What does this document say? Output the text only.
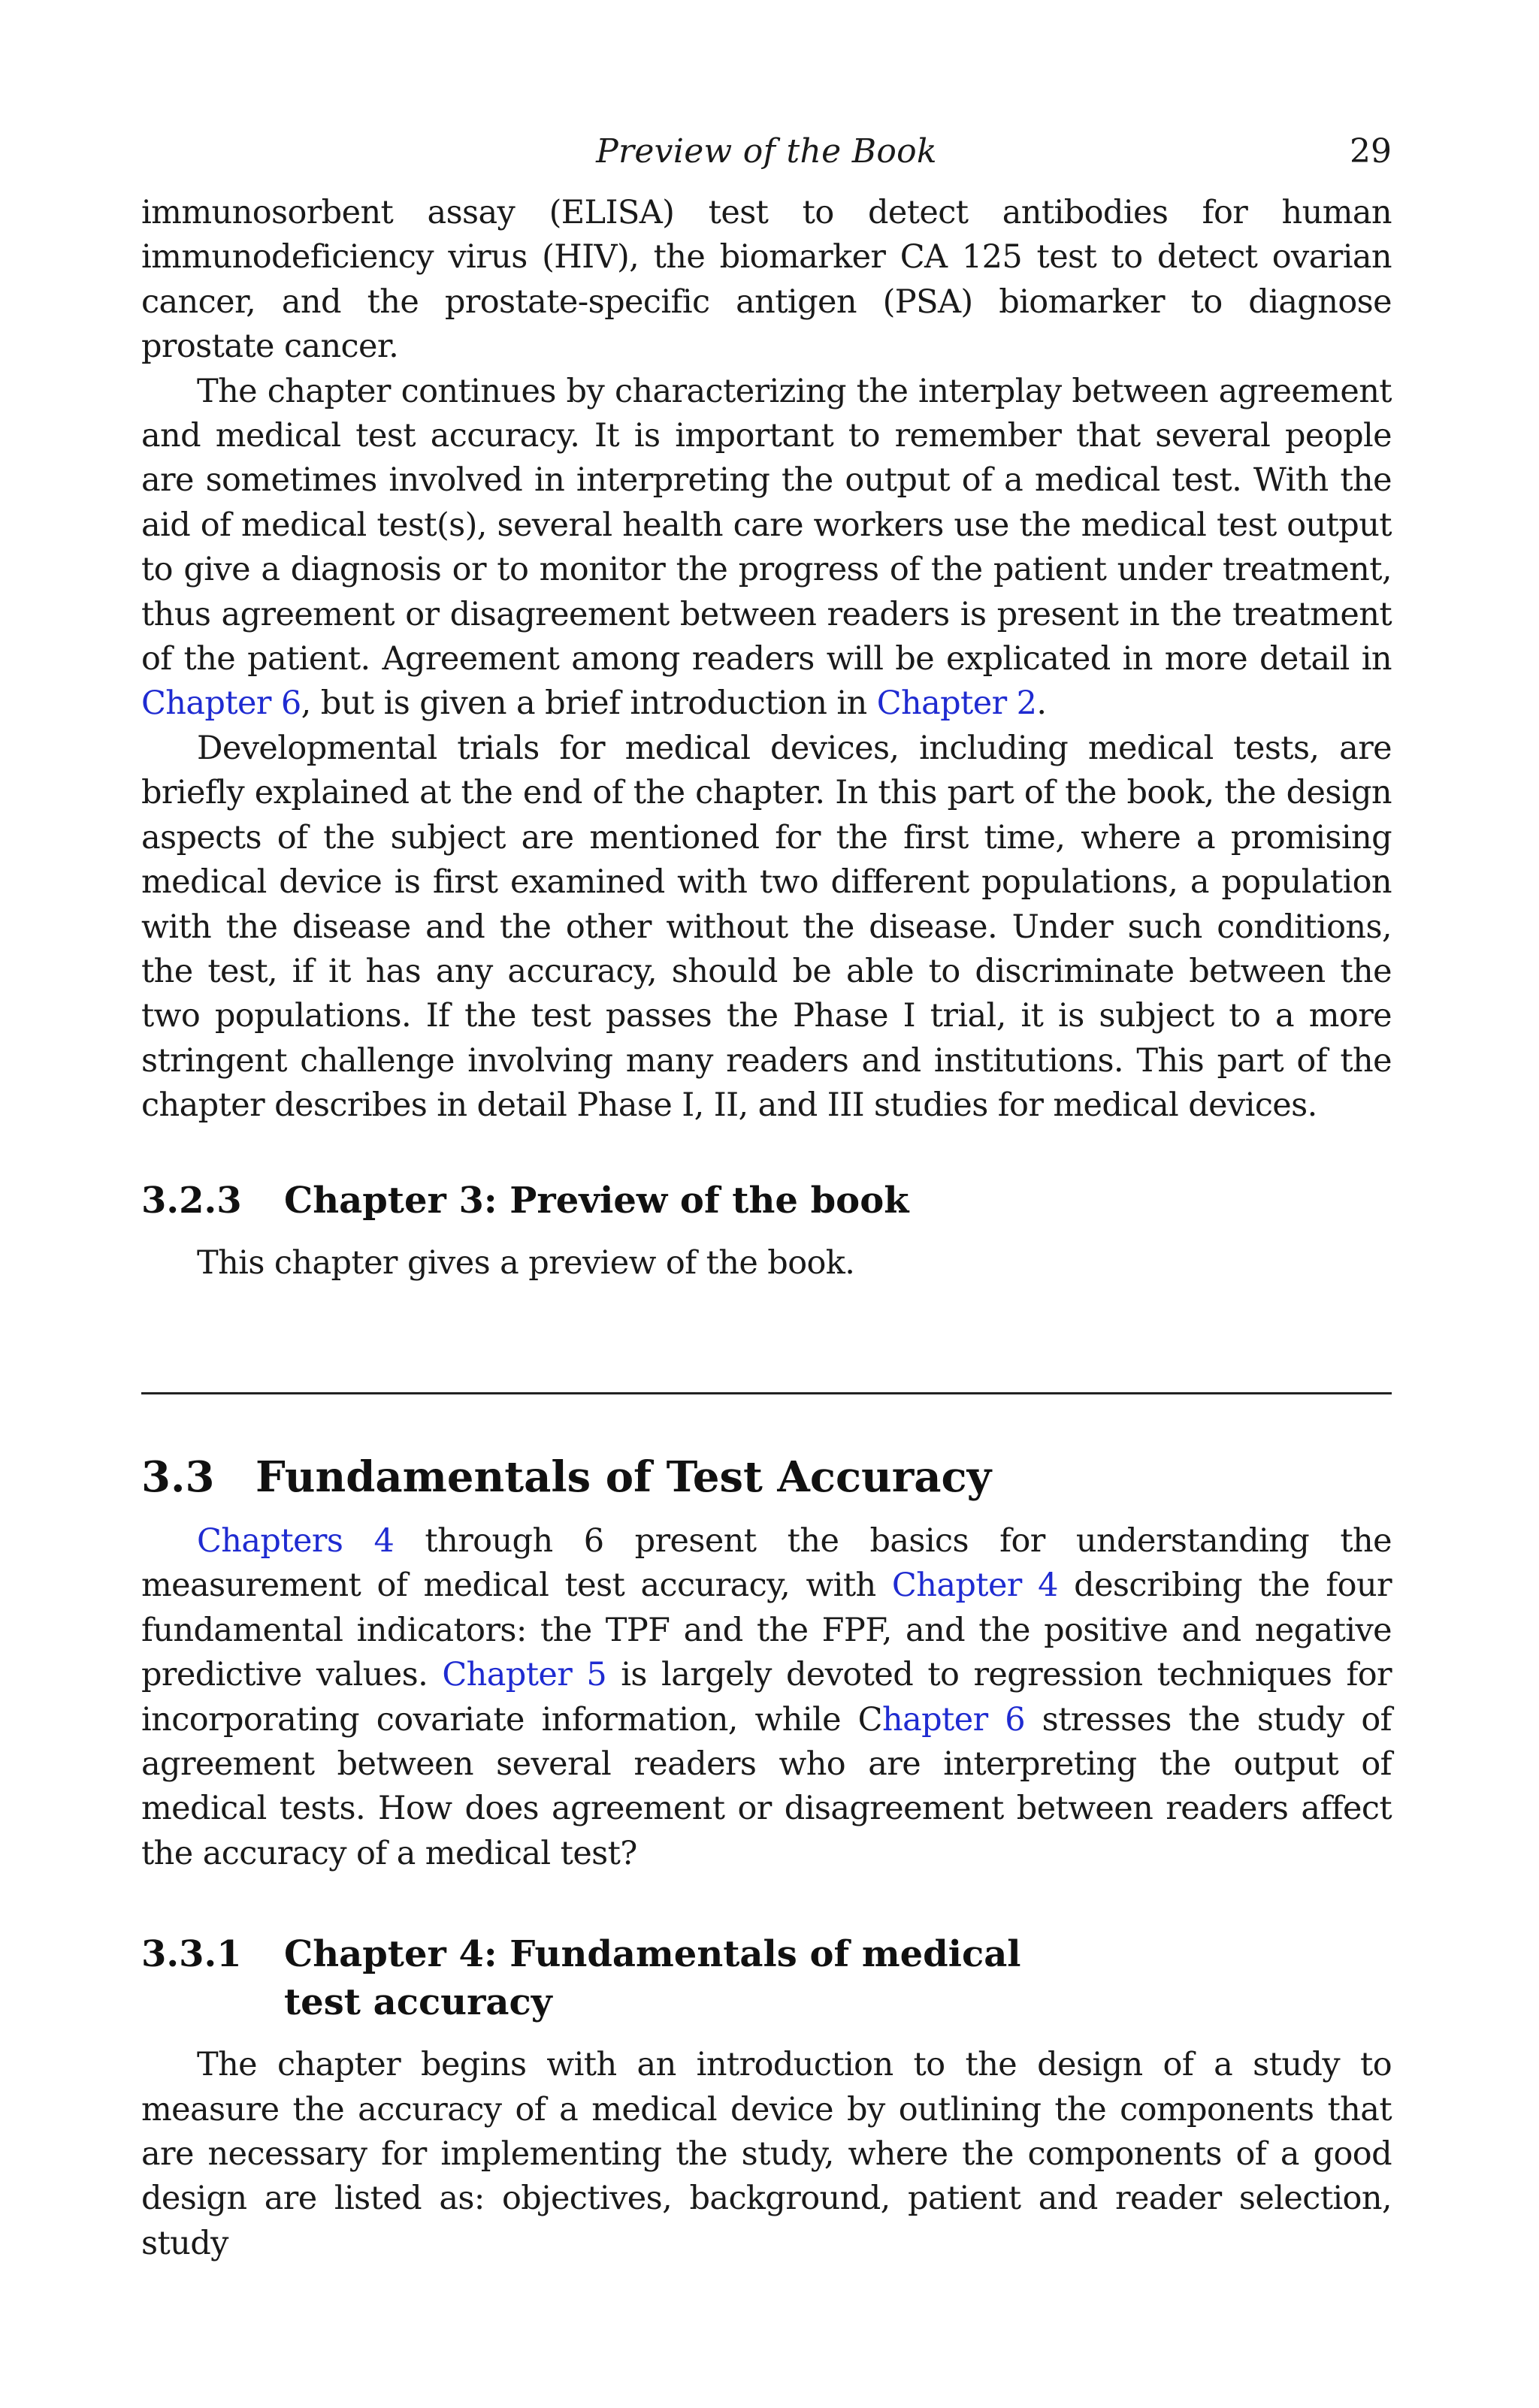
Preview of the Book	29

immunosorbent assay (ELISA) test to detect antibodies for human immunodeficiency virus (HIV), the biomarker CA 125 test to detect ovarian cancer, and the prostate-specific antigen (PSA) biomarker to diagnose prostate cancer.

The chapter continues by characterizing the interplay between agreement and medical test accuracy. It is important to remember that several people are sometimes involved in interpreting the output of a medical test. With the aid of medical test(s), several health care workers use the medical test output to give a diagnosis or to monitor the progress of the patient under treatment, thus agreement or disagreement between readers is present in the treatment of the patient. Agreement among readers will be explicated in more detail in Chapter 6, but is given a brief introduction in Chapter 2.

Developmental trials for medical devices, including medical tests, are briefly explained at the end of the chapter. In this part of the book, the design aspects of the subject are mentioned for the first time, where a promising medical device is first examined with two different populations, a population with the disease and the other without the disease. Under such conditions, the test, if it has any accuracy, should be able to discriminate between the two populations. If the test passes the Phase I trial, it is subject to a more stringent challenge involving many readers and institutions. This part of the chapter describes in detail Phase I, II, and III studies for medical devices.

3.2.3	Chapter 3: Preview of the book

This chapter gives a preview of the book.

3.3 Fundamentals of Test Accuracy

Chapters 4 through 6 present the basics for understanding the measurement of medical test accuracy, with Chapter 4 describing the four fundamental indicators: the TPF and the FPF, and the positive and negative predictive values. Chapter 5 is largely devoted to regression techniques for incorporating covariate information, while Chapter 6 stresses the study of agreement between several readers who are interpreting the output of medical tests. How does agreement or disagreement between readers affect the accuracy of a medical test?

3.3.1	Chapter 4: Fundamentals of medical
test accuracy

The chapter begins with an introduction to the design of a study to measure the accuracy of a medical device by outlining the components that are necessary for implementing the study, where the components of a good design are listed as: objectives, background, patient and reader selection, study
